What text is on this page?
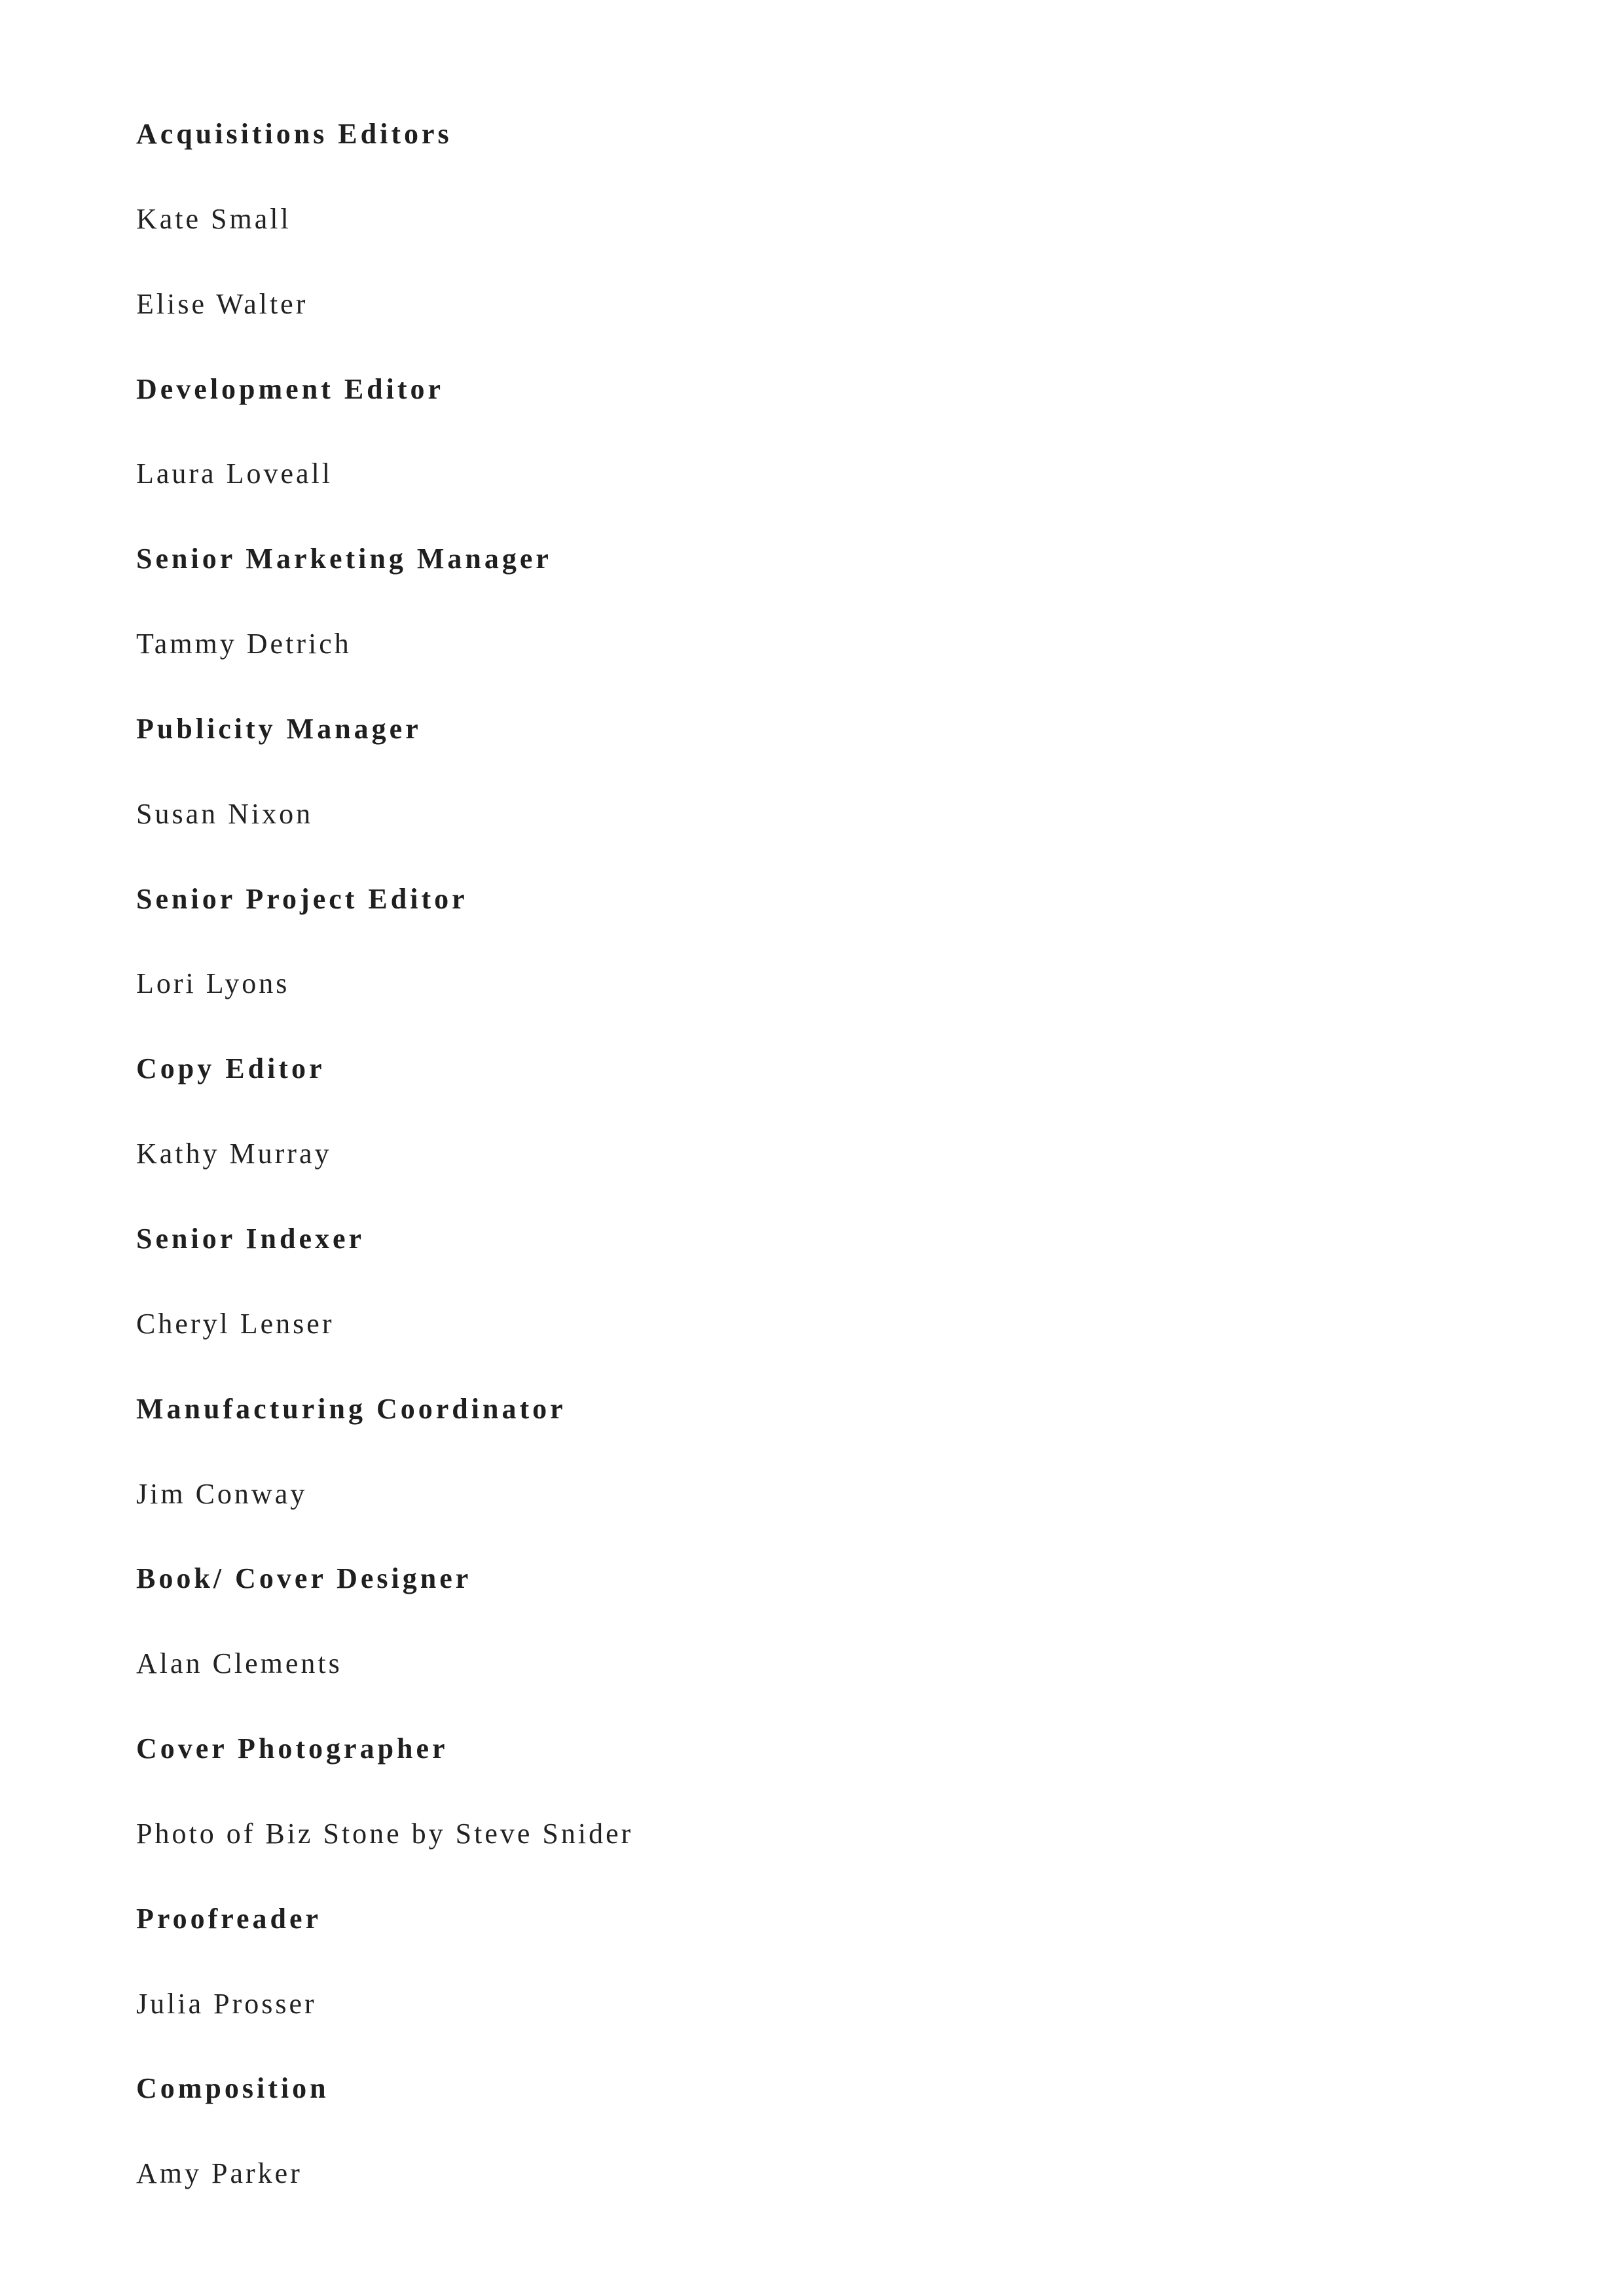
Acquisitions Editors
Kate Small
Elise Walter
Development Editor
Laura Loveall
Senior Marketing Manager
Tammy Detrich
Publicity Manager
Susan Nixon
Senior Project Editor
Lori Lyons
Copy Editor
Kathy Murray
Senior Indexer
Cheryl Lenser
Manufacturing Coordinator
Jim Conway
Book/ Cover Designer
Alan Clements
Cover Photographer
Photo of Biz Stone by Steve Snider
Proofreader
Julia Prosser
Composition
Amy Parker
